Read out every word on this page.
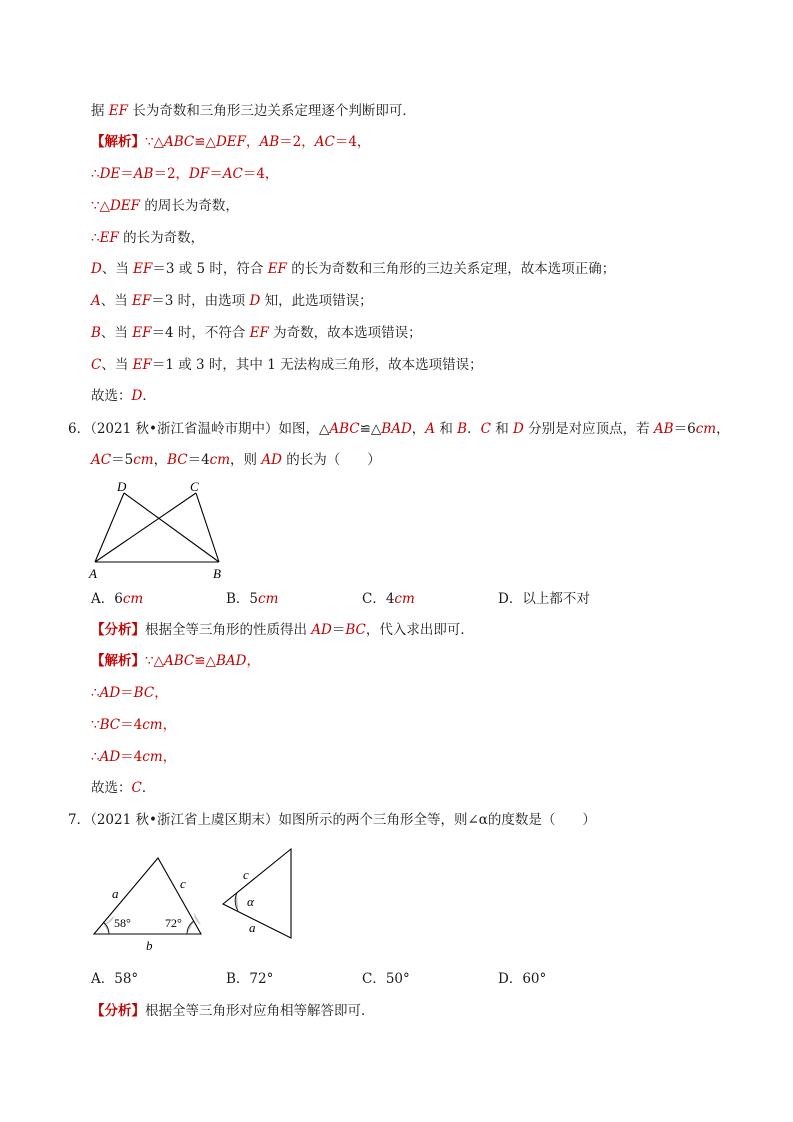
据 EF 长为奇数和三角形三边关系定理逐个判断即可．
【解析】∵△ABC≌△DEF，AB＝2，AC＝4，
∴DE＝AB＝2，DF＝AC＝4，
∵△DEF 的周长为奇数，
∴EF 的长为奇数，
D、当 EF＝3 或 5 时，符合 EF 的长为奇数和三角形的三边关系定理，故本选项正确；
A、当 EF＝3 时，由选项 D 知，此选项错误；
B、当 EF＝4 时，不符合 EF 为奇数，故本选项错误；
C、当 EF＝1 或 3 时，其中 1 无法构成三角形，故本选项错误；
故选：D．
6．（2021 秋•浙江省温岭市期中）如图，△ABC≌△BAD，A 和 B．C 和 D 分别是对应顶点，若 AB＝6cm，
AC＝5cm，BC＝4cm，则 AD 的长为（　　）
D	C
A	B
A．6cm	B．5cm	C．4cm	D．以上都不对
【分析】根据全等三角形的性质得出 AD＝BC，代入求出即可．
【解析】∵△ABC≌△BAD，
∴AD＝BC，
∵BC＝4cm，
∴AD＝4cm，
故选：C．
7．（2021 秋•浙江省上虞区期末）如图所示的两个三角形全等，则∠α的度数是（　　）
a
c
b
58°	72°
c
α
a
A．58°	B．72°	C．50°	D．60°
【分析】根据全等三角形对应角相等解答即可．
